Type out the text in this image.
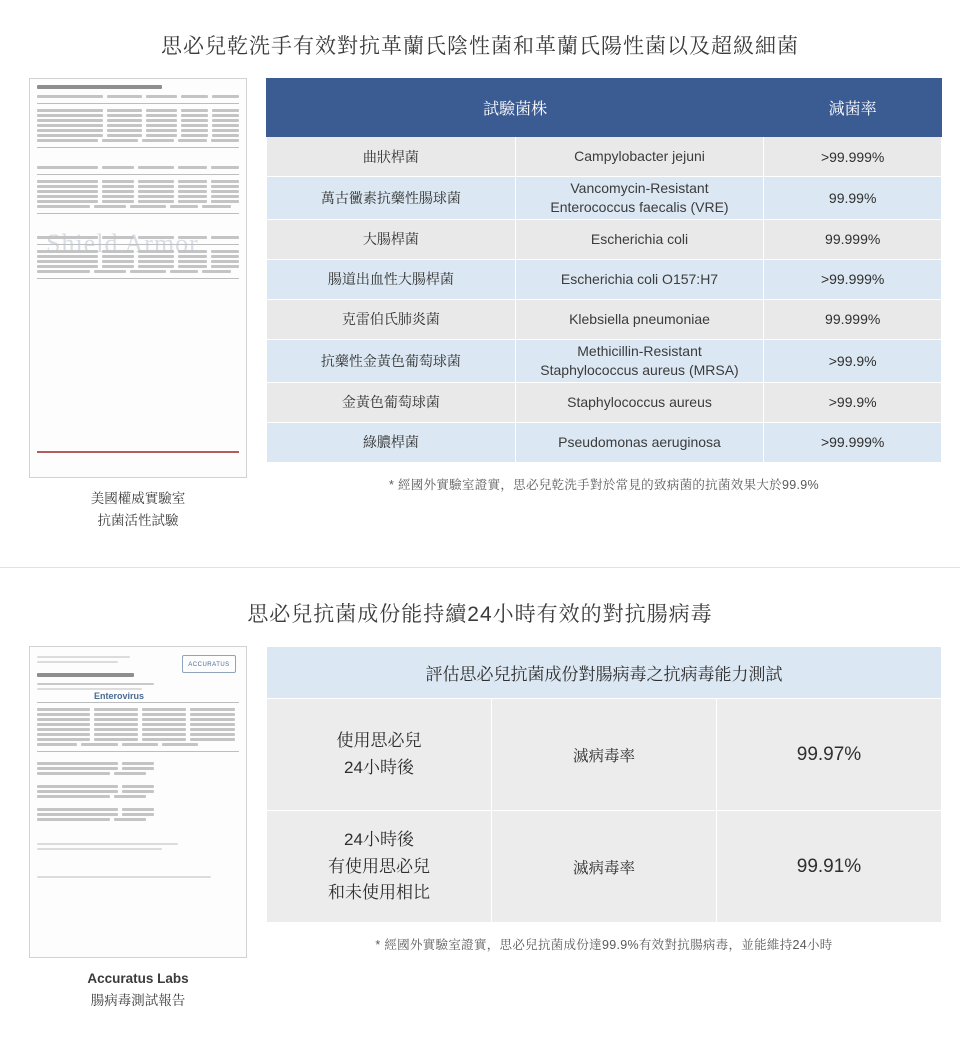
思必兒乾洗手有效對抗革蘭氏陰性菌和革蘭氏陽性菌以及超級細菌
Shield Armor
美國權威實驗室
抗菌活性試驗
試驗菌株		減菌率
曲狀桿菌	Campylobacter jejuni	>99.999%
萬古黴素抗藥性腸球菌	Vancomycin-Resistant
Enterococcus faecalis (VRE)	99.99%
大腸桿菌	Escherichia coli	99.999%
腸道出血性大腸桿菌	Escherichia coli O157:H7	>99.999%
克雷伯氏肺炎菌	Klebsiella pneumoniae	99.999%
抗藥性金黃色葡萄球菌	Methicillin-Resistant
Staphylococcus aureus (MRSA)	>99.9%
金黃色葡萄球菌	Staphylococcus aureus	>99.9%
綠膿桿菌	Pseudomonas aeruginosa	>99.999%
* 經國外實驗室證實，思必兒乾洗手對於常見的致病菌的抗菌效果大於99.9%
思必兒抗菌成份能持續24小時有效的對抗腸病毒
ACCURATUS
Enterovirus
Accuratus Labs
腸病毒測試報告
評估思必兒抗菌成份對腸病毒之抗病毒能力測試		

使用思必兒
24小時後	滅病毒率	99.97%

24小時後
有使用思必兒
和未使用相比	滅病毒率	99.91%
* 經國外實驗室證實，思必兒抗菌成份達99.9%有效對抗腸病毒，並能維持24小時
